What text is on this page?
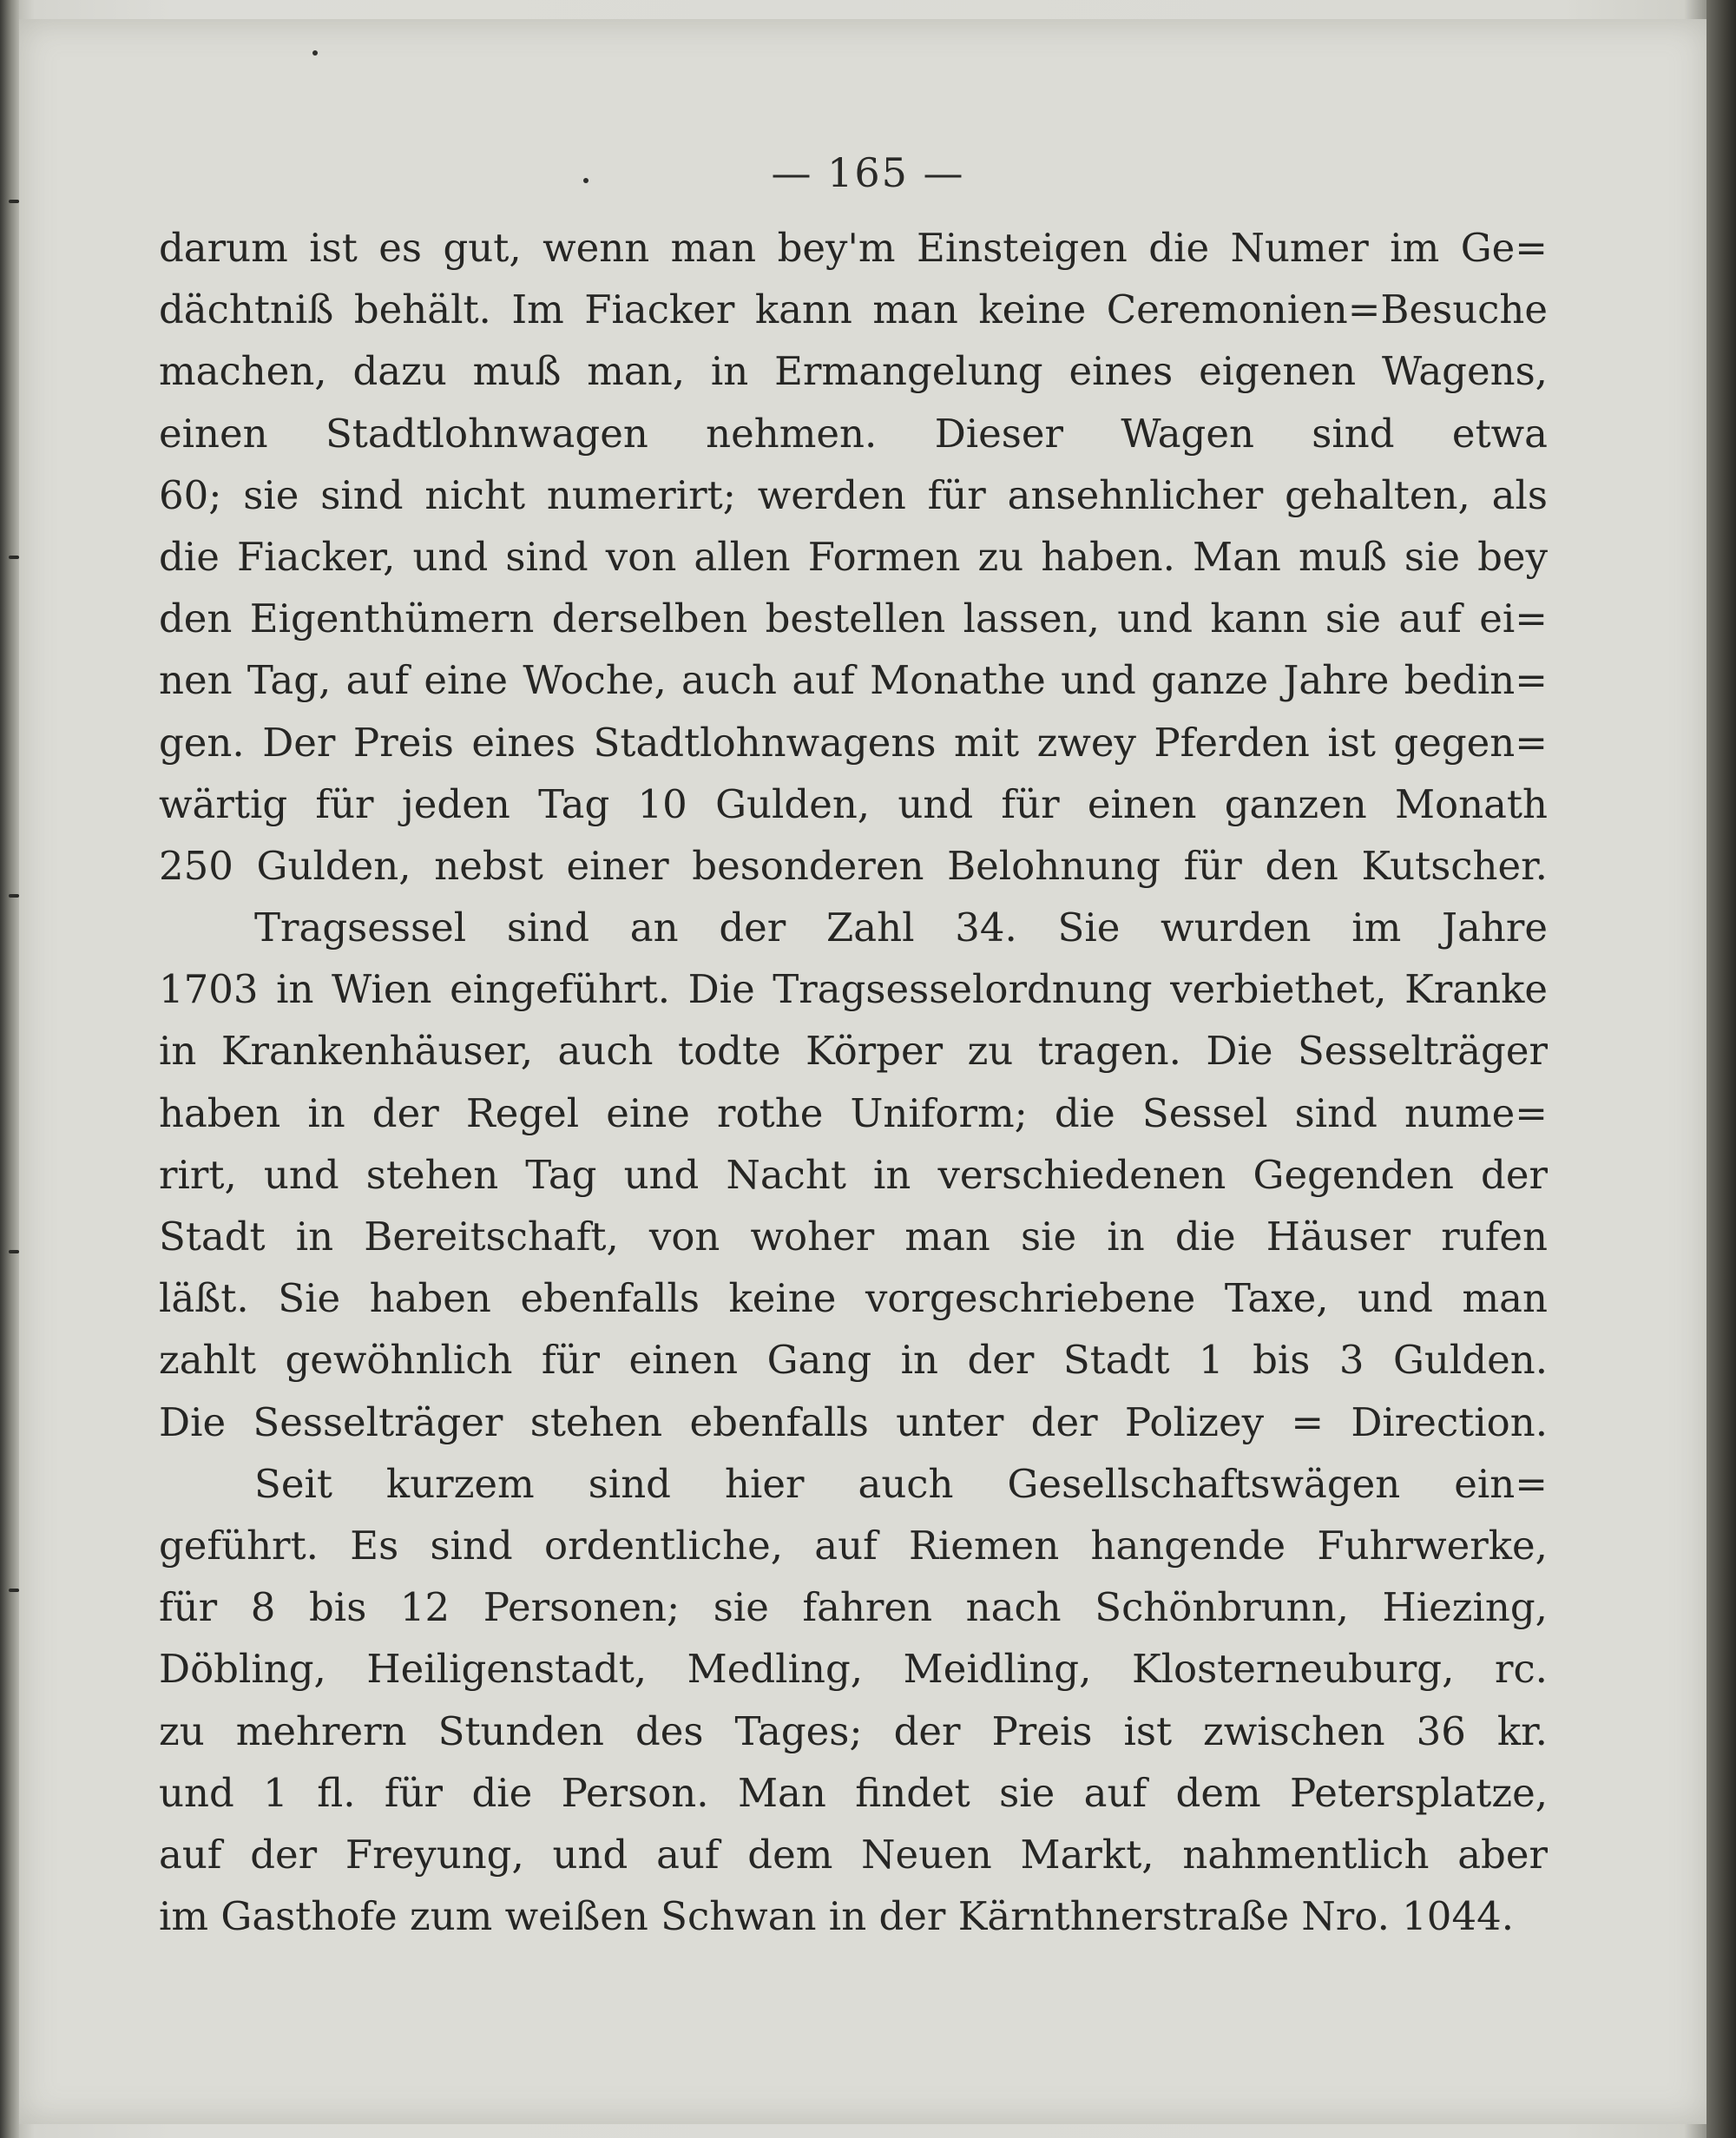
— 165 —
darum ist es gut, wenn man bey'm Einsteigen die Numer im Ge=
dächtniß behält. Im Fiacker kann man keine Ceremonien=Besuche
machen, dazu muß man, in Ermangelung eines eigenen Wagens,
einen Stadtlohnwagen nehmen. Dieser Wagen sind etwa
60; sie sind nicht numerirt; werden für ansehnlicher gehalten, als
die Fiacker, und sind von allen Formen zu haben. Man muß sie bey
den Eigenthümern derselben bestellen lassen, und kann sie auf ei=
nen Tag, auf eine Woche, auch auf Monathe und ganze Jahre bedin=
gen. Der Preis eines Stadtlohnwagens mit zwey Pferden ist gegen=
wärtig für jeden Tag 10 Gulden, und für einen ganzen Monath
250 Gulden, nebst einer besonderen Belohnung für den Kutscher.
Tragsessel sind an der Zahl 34. Sie wurden im Jahre
1703 in Wien eingeführt. Die Tragsesselordnung verbiethet, Kranke
in Krankenhäuser, auch todte Körper zu tragen. Die Sesselträger
haben in der Regel eine rothe Uniform; die Sessel sind nume=
rirt, und stehen Tag und Nacht in verschiedenen Gegenden der
Stadt in Bereitschaft, von woher man sie in die Häuser rufen
läßt. Sie haben ebenfalls keine vorgeschriebene Taxe, und man
zahlt gewöhnlich für einen Gang in der Stadt 1 bis 3 Gulden.
Die Sesselträger stehen ebenfalls unter der Polizey = Direction.
Seit kurzem sind hier auch Gesellschaftswägen ein=
geführt. Es sind ordentliche, auf Riemen hangende Fuhrwerke,
für 8 bis 12 Personen; sie fahren nach Schönbrunn, Hiezing,
Döbling, Heiligenstadt, Medling, Meidling, Klosterneuburg, rc.
zu mehrern Stunden des Tages; der Preis ist zwischen 36 kr.
und 1 fl. für die Person. Man findet sie auf dem Petersplatze,
auf der Freyung, und auf dem Neuen Markt, nahmentlich aber
im Gasthofe zum weißen Schwan in der Kärnthnerstraße Nro. 1044.
